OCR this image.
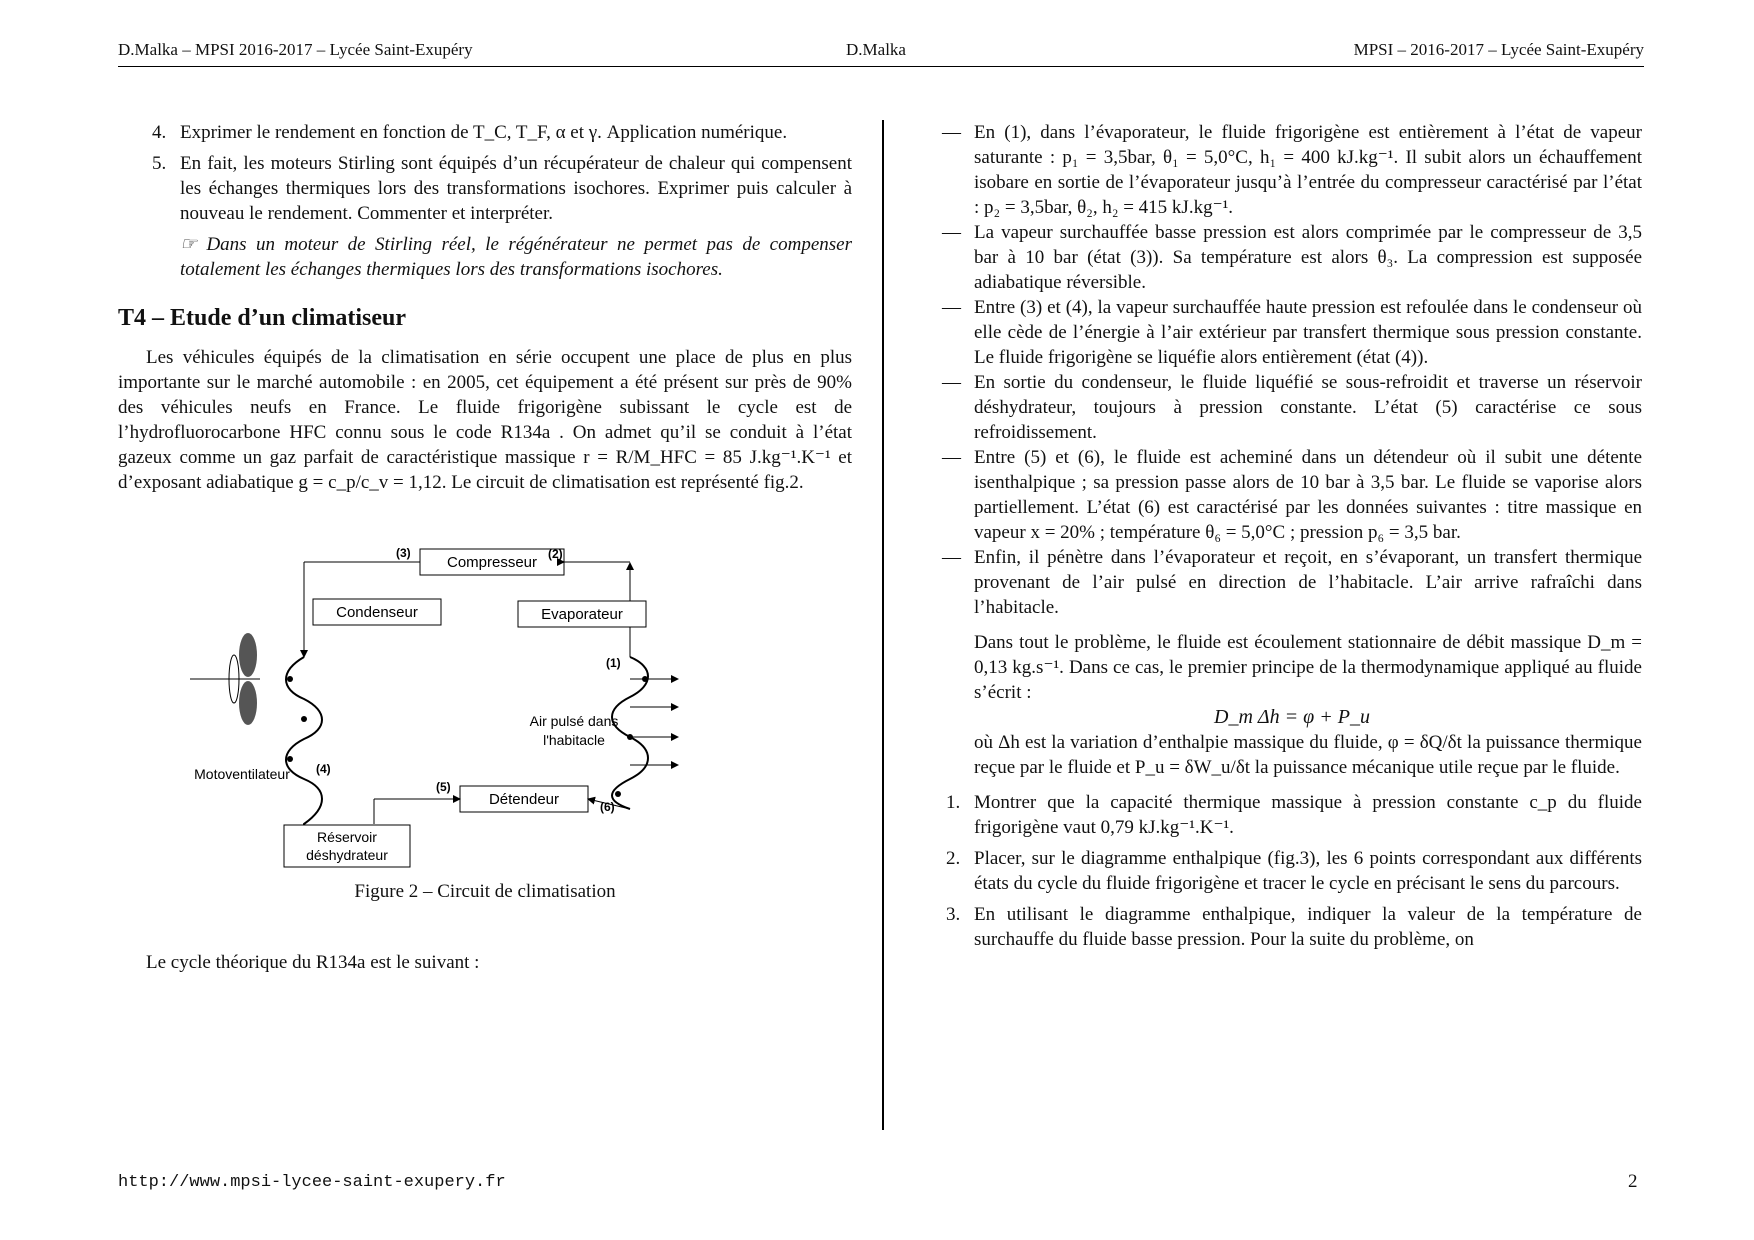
D.Malka – MPSI 2016-2017 – Lycée Saint-Exupéry	D.Malka	MPSI – 2016-2017 – Lycée Saint-Exupéry
4. Exprimer le rendement en fonction de T_C, T_F, α et γ. Application numérique.

5. En fait, les moteurs Stirling sont équipés d’un récupérateur de chaleur qui compensent les échanges thermiques lors des transformations isochores. Exprimer puis calculer à nouveau le rendement. Commenter et interpréter.

☞ Dans un moteur de Stirling réel, le régénérateur ne permet pas de compenser totalement les échanges thermiques lors des transformations isochores.

T4 – Etude d’un climatiseur

Les véhicules équipés de la climatisation en série occupent une place de plus en plus importante sur le marché automobile : en 2005, cet équipement a été présent sur près de 90% des véhicules neufs en France. Le fluide frigorigène subissant le cycle est de l’hydrofluorocarbone HFC connu sous le code R134a . On admet qu’il se conduit à l’état gazeux comme un gaz parfait de caractéristique massique r = R/M_HFC = 85 J.kg⁻¹.K⁻¹ et d’exposant adiabatique g = c_p/c_v = 1,12. Le circuit de climatisation est représenté fig.2.

Compresseur
(3)	(2)
Condenseur	Evaporateur
(4)
(1)
(6)
Air pulsé dans
l'habitacle
Détendeur
(5)
Réservoir
déshydrateur
Motoventilateur

Figure 2 – Circuit de climatisation

Le cycle théorique du R134a est le suivant :

— En (1), dans l’évaporateur, le fluide frigorigène est entièrement à l’état de vapeur saturante : p₁ = 3,5bar, θ₁ = 5,0°C, h₁ = 400 kJ.kg⁻¹. Il subit alors un échauffement isobare en sortie de l’évaporateur jusqu’à l’entrée du compresseur caractérisé par l’état : p₂ = 3,5bar, θ₂, h₂ = 415 kJ.kg⁻¹.

— La vapeur surchauffée basse pression est alors comprimée par le compresseur de 3,5 bar à 10 bar (état (3)). Sa température est alors θ₃. La compression est supposée adiabatique réversible.

— Entre (3) et (4), la vapeur surchauffée haute pression est refoulée dans le condenseur où elle cède de l’énergie à l’air extérieur par transfert thermique sous pression constante. Le fluide frigorigène se liquéfie alors entièrement (état (4)).

— En sortie du condenseur, le fluide liquéfié se sous-refroidit et traverse un réservoir déshydrateur, toujours à pression constante. L’état (5) caractérise ce sous refroidissement.

— Entre (5) et (6), le fluide est acheminé dans un détendeur où il subit une détente isenthalpique ; sa pression passe alors de 10 bar à 3,5 bar. Le fluide se vaporise alors partiellement. L’état (6) est caractérisé par les données suivantes : titre massique en vapeur x = 20% ; température θ₆ = 5,0°C ; pression p₆ = 3,5 bar.

— Enfin, il pénètre dans l’évaporateur et reçoit, en s’évaporant, un transfert thermique provenant de l’air pulsé en direction de l’habitacle. L’air arrive rafraîchi dans l’habitacle.

Dans tout le problème, le fluide est écoulement stationnaire de débit massique D_m = 0,13 kg.s⁻¹. Dans ce cas, le premier principe de la thermodynamique appliqué au fluide s’écrit :

D_m Δh = φ + P_u

où Δh est la variation d’enthalpie massique du fluide, φ = δQ/δt la puissance thermique reçue par le fluide et P_u = δW_u/δt la puissance mécanique utile reçue par le fluide.

1. Montrer que la capacité thermique massique à pression constante c_p du fluide frigorigène vaut 0,79 kJ.kg⁻¹.K⁻¹.

2. Placer, sur le diagramme enthalpique (fig.3), les 6 points correspondant aux différents états du cycle du fluide frigorigène et tracer le cycle en précisant le sens du parcours.

3. En utilisant le diagramme enthalpique, indiquer la valeur de la température de surchauffe du fluide basse pression. Pour la suite du problème, on

http://www.mpsi-lycee-saint-exupery.fr	2
